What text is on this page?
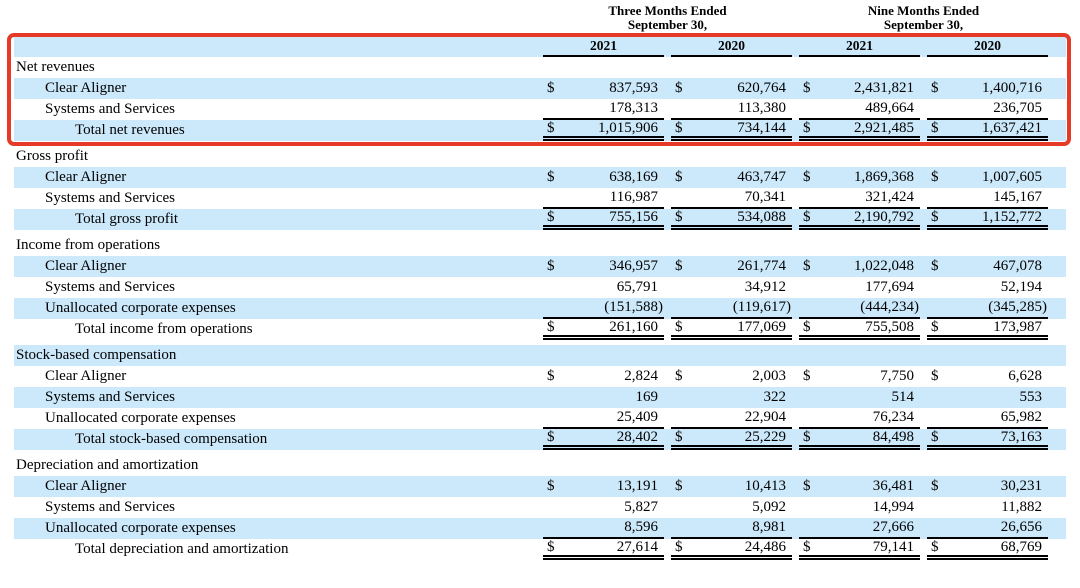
Three Months Ended
September 30,
Nine Months Ended
September 30,
2021	2020	2021	2020
Net revenues
Clear Aligner	$	837,593 $	620,764 $	2,431,821 $	1,400,716
Systems and Services	178,313	113,380	489,664	236,705
Total net revenues	$	1,015,906 $	734,144 $	2,921,485 $	1,637,421
Gross profit
Clear Aligner	$	638,169 $	463,747 $	1,869,368 $	1,007,605
Systems and Services	116,987	70,341	321,424	145,167
Total gross profit	$	755,156 $	534,088 $	2,190,792 $	1,152,772
Income from operations
Clear Aligner	$	346,957 $	261,774 $	1,022,048 $	467,078
Systems and Services	65,791	34,912	177,694	52,194
Unallocated corporate expenses	(151,588)	(119,617)	(444,234)	(345,285)
Total income from operations	$	261,160 $	177,069 $	755,508 $	173,987
Stock-based compensation
Clear Aligner	$	2,824 $	2,003 $	7,750 $	6,628
Systems and Services	169	322	514	553
Unallocated corporate expenses	25,409	22,904	76,234	65,982
Total stock-based compensation	$	28,402 $	25,229 $	84,498 $	73,163
Depreciation and amortization
Clear Aligner	$	13,191 $	10,413 $	36,481 $	30,231
Systems and Services	5,827	5,092	14,994	11,882
Unallocated corporate expenses	8,596	8,981	27,666	26,656
Total depreciation and amortization	$	27,614 $	24,486 $	79,141 $	68,769
